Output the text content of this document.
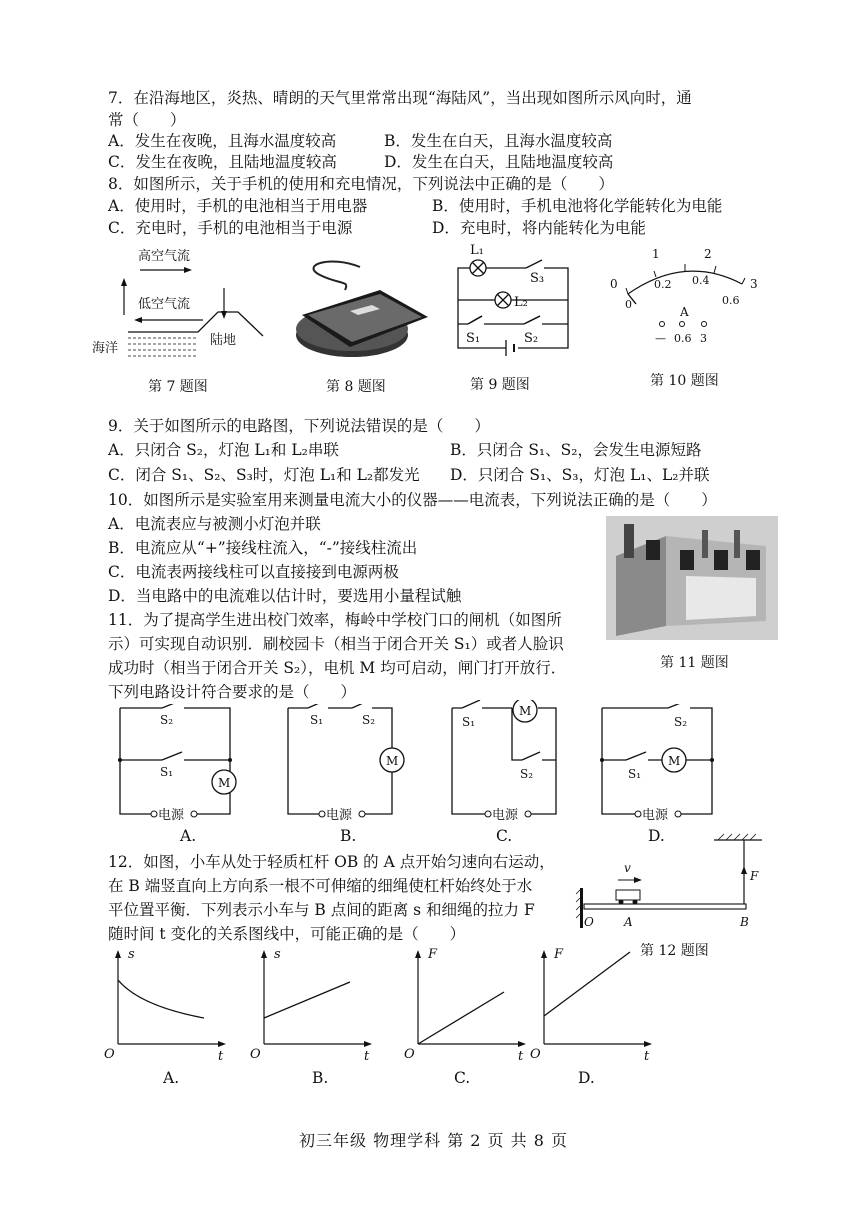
7．在沿海地区，炎热、晴朗的天气里常常出现“海陆风”，当出现如图所示风向时，通
常（　　）
A．发生在夜晚，且海水温度较高	B．发生在白天，且海水温度较高
C．发生在夜晚，且陆地温度较高	D．发生在白天，且陆地温度较高
8．如图所示，关于手机的使用和充电情况，下列说法中正确的是（　　）
A．使用时，手机的电池相当于用电器	B．使用时，手机电池将化学能转化为电能
C．充电时，手机的电池相当于电源	D．充电时，将内能转化为电能
高空气流
低空气流
海洋
陆地
第 7 题图	第 8 题图
L₁
L₂
S₃
S₁	S₂
第 9 题图
0
1	2
3
0
0.2 0.4
0.6
A
— 0.6 3
第 10 题图
9．关于如图所示的电路图，下列说法错误的是（　　）
A．只闭合 S₂，灯泡 L₁和 L₂串联	B．只闭合 S₁、S₂，会发生电源短路
C．闭合 S₁、S₂、S₃时，灯泡 L₁和 L₂都发光 D．只闭合 S₁、S₃，灯泡 L₁、L₂并联
10．如图所示是实验室用来测量电流大小的仪器——电流表，下列说法正确的是（　　）
A．电流表应与被测小灯泡并联
B．电流应从“+”接线柱流入，“-”接线柱流出
C．电流表两接线柱可以直接接到电源两极
D．当电路中的电流难以估计时，要选用小量程试触
11．为了提高学生进出校门效率，梅岭中学校门口的闸机（如图所
示）可实现自动识别．刷校园卡（相当于闭合开关 S₁）或者人脸识
成功时（相当于闭合开关 S₂），电机 M 均可启动，闸门打开放行．	第 11 题图
下列电路设计符合要求的是（　　）
M
S₂
S₁
电源
A.
M
S₁	S₂
电源
B.
M
S₁
S₂
电源
C.
M
S₂
S₁
电源
D.
12．如图，小车从处于轻质杠杆 OB 的 A 点开始匀速向右运动，
在 B 端竖直向上方向系一根不可伸缩的细绳使杠杆始终处于水
平位置平衡．下列表示小车与 B 点间的距离 s 和细绳的拉力 F
随时间 t 变化的关系图线中，可能正确的是（　　）
F
v
O	A	B
第 12 题图
s
t
O
A.
s
t
O
B.
F
t
O
C.
F
t
O
D.
初三年级 物理学科 第 2 页 共 8 页
